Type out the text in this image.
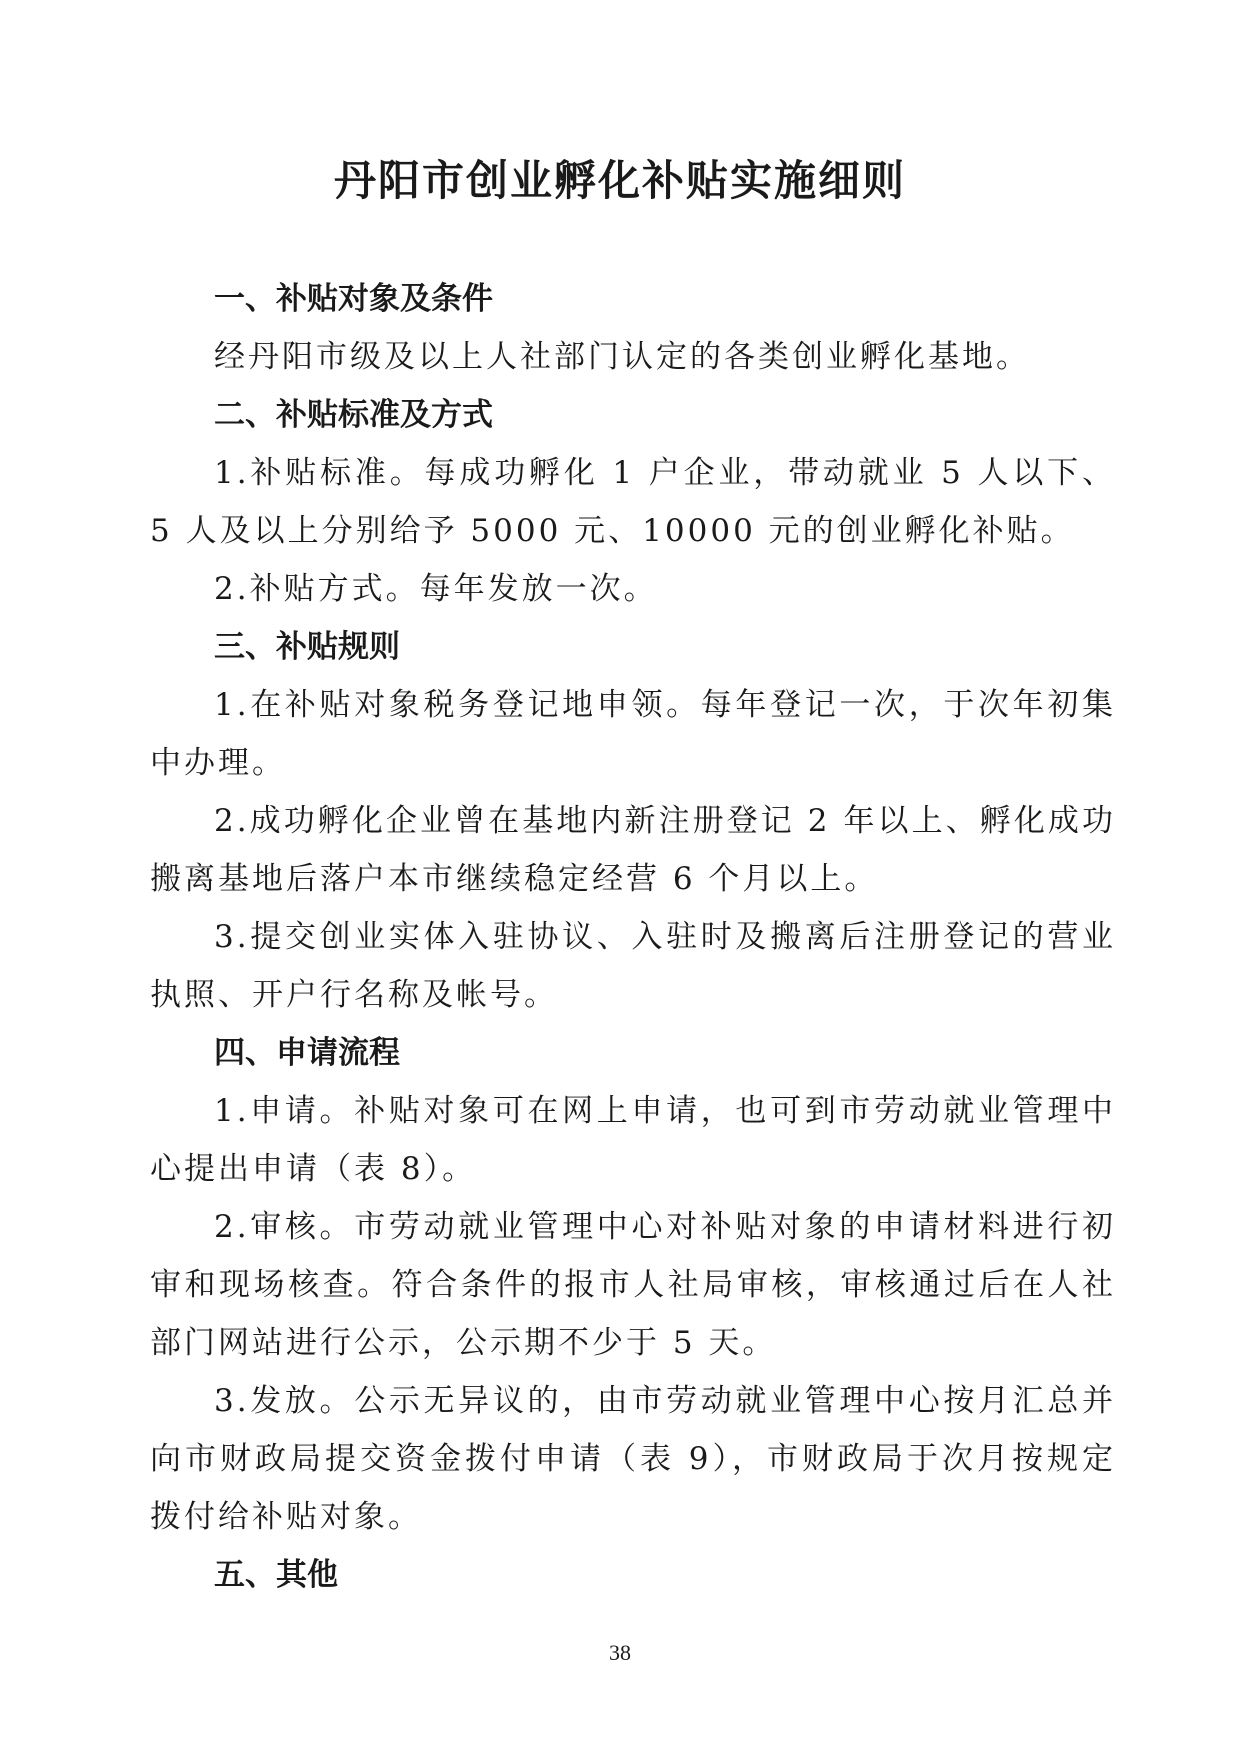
丹阳市创业孵化补贴实施细则

一、补贴对象及条件

经丹阳市级及以上人社部门认定的各类创业孵化基地。

二、补贴标准及方式

1.补贴标准。每成功孵化 1 户企业，带动就业 5 人以下、5 人及以上分别给予 5000 元、10000 元的创业孵化补贴。

2.补贴方式。每年发放一次。

三、补贴规则

1.在补贴对象税务登记地申领。每年登记一次，于次年初集中办理。

2.成功孵化企业曾在基地内新注册登记 2 年以上、孵化成功搬离基地后落户本市继续稳定经营 6 个月以上。

3.提交创业实体入驻协议、入驻时及搬离后注册登记的营业执照、开户行名称及帐号。

四、申请流程

1.申请。补贴对象可在网上申请，也可到市劳动就业管理中心提出申请（表 8）。

2.审核。市劳动就业管理中心对补贴对象的申请材料进行初审和现场核查。符合条件的报市人社局审核，审核通过后在人社部门网站进行公示，公示期不少于 5 天。

3.发放。公示无异议的，由市劳动就业管理中心按月汇总并向市财政局提交资金拨付申请（表 9），市财政局于次月按规定拨付给补贴对象。

五、其他

38
